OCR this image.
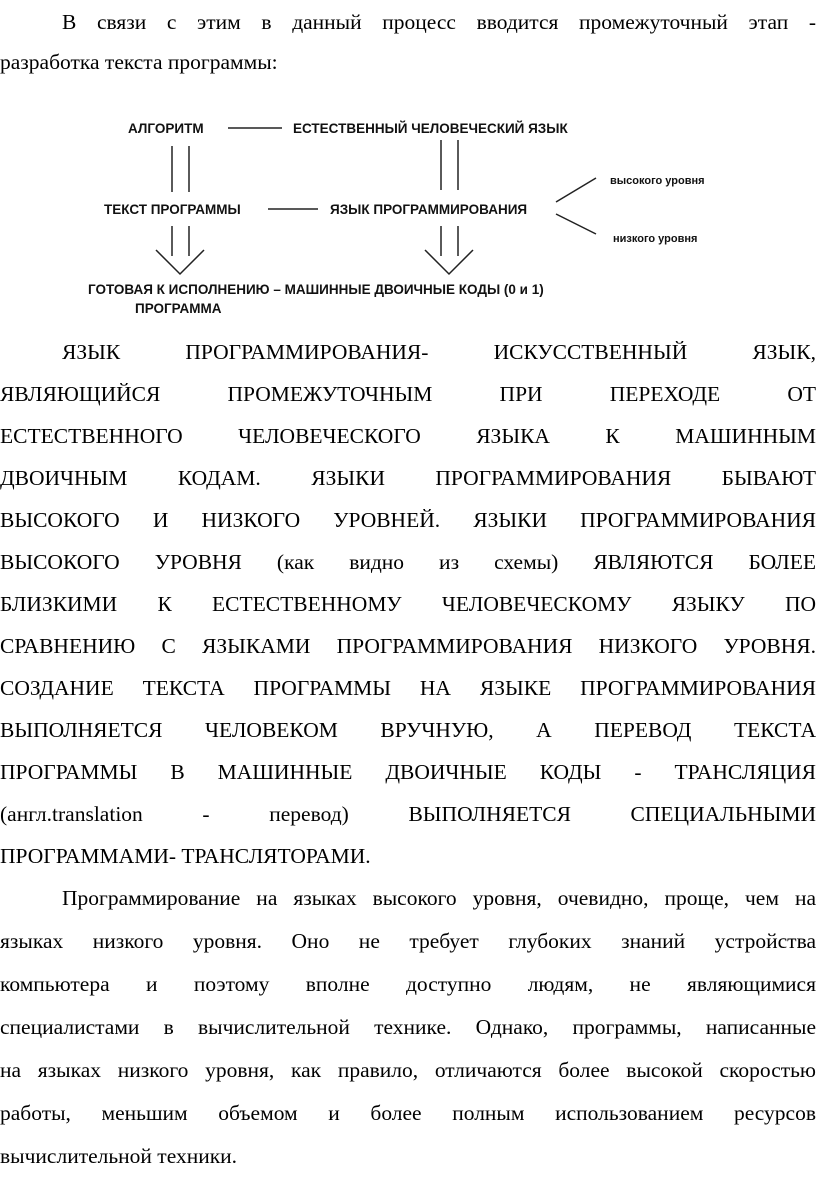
В связи с этим в данный процесс вводится промежуточный этап -
разработка текста программы:
АЛГОРИТМ	ЕСТЕСТВЕННЫЙ ЧЕЛОВЕЧЕСКИЙ ЯЗЫК
ТЕКСТ ПРОГРАММЫ	ЯЗЫК ПРОГРАММИРОВАНИЯ
высокого уровня
низкого уровня
ГОТОВАЯ К ИСПОЛНЕНИЮ – МАШИННЫЕ ДВОИЧНЫЕ КОДЫ (0 и 1)
ПРОГРАММА
ЯЗЫК ПРОГРАММИРОВАНИЯ- ИСКУССТВЕННЫЙ ЯЗЫК,
ЯВЛЯЮЩИЙСЯ ПРОМЕЖУТОЧНЫМ ПРИ ПЕРЕХОДЕ ОТ
ЕСТЕСТВЕННОГО ЧЕЛОВЕЧЕСКОГО ЯЗЫКА К МАШИННЫМ
ДВОИЧНЫМ КОДАМ. ЯЗЫКИ ПРОГРАММИРОВАНИЯ БЫВАЮТ
ВЫСОКОГО И НИЗКОГО УРОВНЕЙ. ЯЗЫКИ ПРОГРАММИРОВАНИЯ
ВЫСОКОГО УРОВНЯ (как видно из схемы) ЯВЛЯЮТСЯ БОЛЕЕ
БЛИЗКИМИ К ЕСТЕСТВЕННОМУ ЧЕЛОВЕЧЕСКОМУ ЯЗЫКУ ПО
СРАВНЕНИЮ С ЯЗЫКАМИ ПРОГРАММИРОВАНИЯ НИЗКОГО УРОВНЯ.
СОЗДАНИЕ ТЕКСТА ПРОГРАММЫ НА ЯЗЫКЕ ПРОГРАММИРОВАНИЯ
ВЫПОЛНЯЕТСЯ ЧЕЛОВЕКОМ ВРУЧНУЮ, А ПЕРЕВОД ТЕКСТА
ПРОГРАММЫ В МАШИННЫЕ ДВОИЧНЫЕ КОДЫ - ТРАНСЛЯЦИЯ
(англ.translation - перевод) ВЫПОЛНЯЕТСЯ СПЕЦИАЛЬНЫМИ
ПРОГРАММАМИ- ТРАНСЛЯТОРАМИ.
Программирование на языках высокого уровня, очевидно, проще, чем на
языках низкого уровня. Оно не требует глубоких знаний устройства
компьютера и поэтому вполне доступно людям, не являющимися
специалистами в вычислительной технике. Однако, программы, написанные
на языках низкого уровня, как правило, отличаются более высокой скоростью
работы, меньшим объемом и более полным использованием ресурсов
вычислительной техники.
